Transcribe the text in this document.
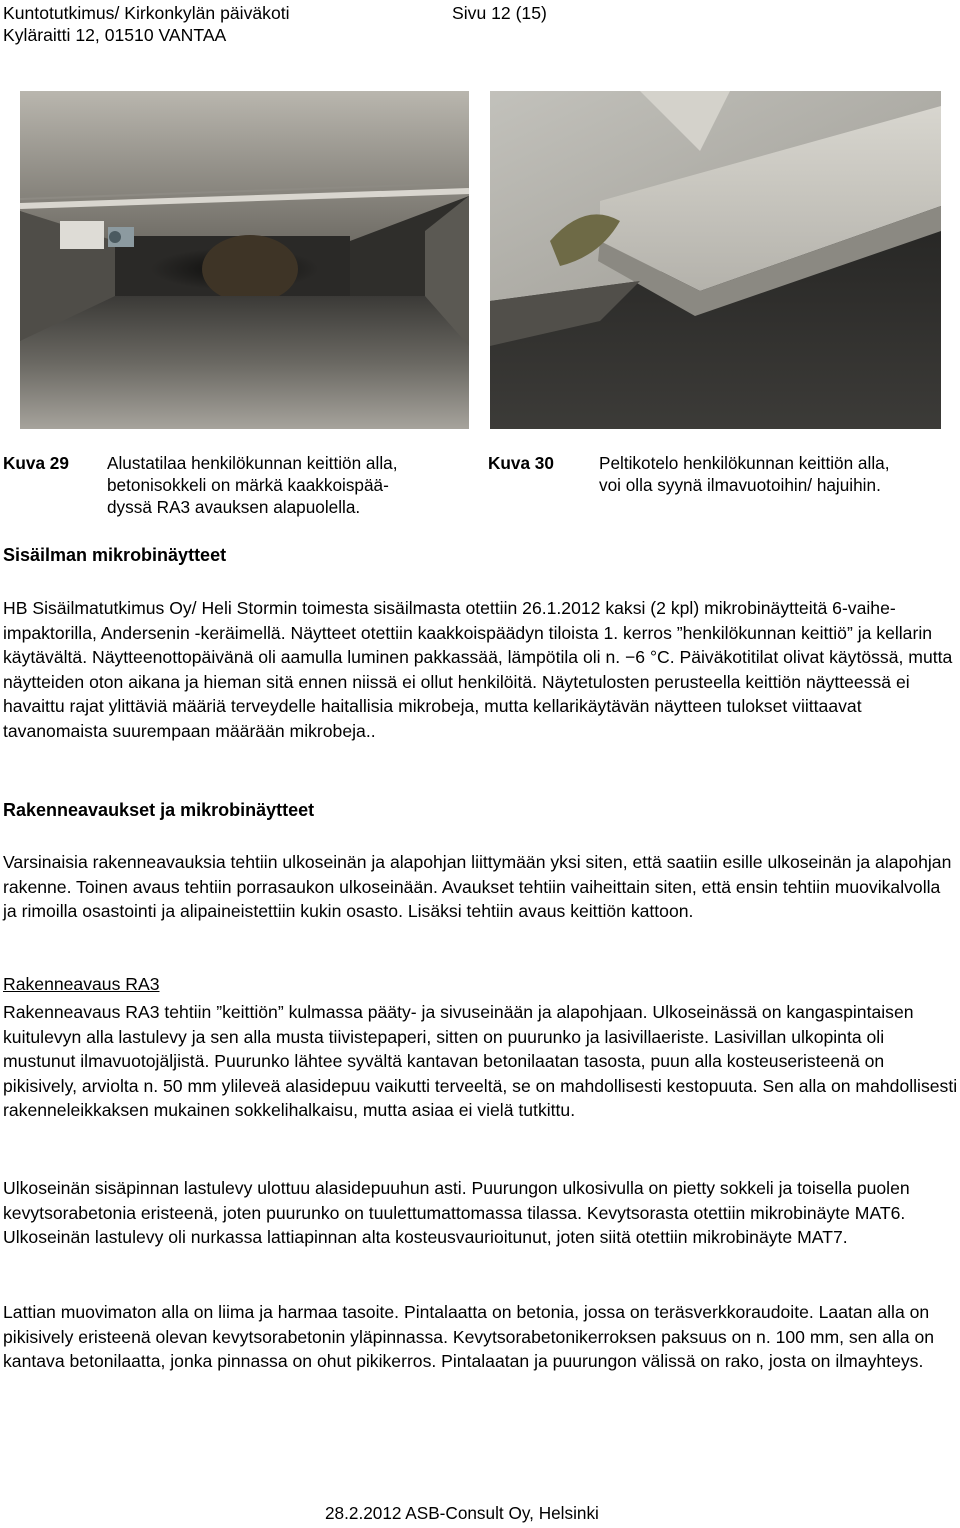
Kuntotutkimus/ Kirkonkylän päiväkoti	Sivu 12 (15)
Kyläraitti 12, 01510 VANTAA
Kuva 29 Alustatilaa henkilökunnan keittiön alla,
betonisokkeli on märkä kaakkoispää-
dyssä RA3 avauksen alapuolella.
Kuva 30	Peltikotelo henkilökunnan keittiön alla,
voi olla syynä ilmavuotoihin/ hajuihin.
Sisäilman mikrobinäytteet

HB Sisäilmatutkimus Oy/ Heli Stormin toimesta sisäilmasta otettiin 26.1.2012 kaksi (2 kpl) mikrobinäytteitä 6-vaihe-impaktorilla, Andersenin -keräimellä. Näytteet otettiin kaakkoispäädyn tiloista 1. kerros ”henkilökunnan keittiö” ja kellarin käytävältä. Näytteenottopäivänä oli aamulla luminen pakkassää, lämpötila oli n. −6 °C. Päiväkotitilat olivat käytössä, mutta näytteiden oton aikana ja hieman sitä ennen niissä ei ollut henkilöitä. Näytetulosten perusteella keittiön näytteessä ei havaittu rajat ylittäviä määriä terveydelle haitallisia mikrobeja, mutta kellarikäytävän näytteen tulokset viittaavat tavanomaista suurempaan määrään mikrobeja..

Rakenneavaukset ja mikrobinäytteet

Varsinaisia rakenneavauksia tehtiin ulkoseinän ja alapohjan liittymään yksi siten, että saatiin esille ulkoseinän ja alapohjan rakenne. Toinen avaus tehtiin porrasaukon ulkoseinään. Avaukset tehtiin vaiheittain siten, että ensin tehtiin muovikalvolla ja rimoilla osastointi ja alipaineistettiin kukin osasto. Lisäksi tehtiin avaus keittiön kattoon.

Rakenneavaus RA3

Rakenneavaus RA3 tehtiin ”keittiön” kulmassa pääty- ja sivuseinään ja alapohjaan. Ulkoseinässä on kangaspintaisen kuitulevyn alla lastulevy ja sen alla musta tiivistepaperi, sitten on puurunko ja lasivillaeriste. Lasivillan ulkopinta oli mustunut ilmavuotojäljistä. Puurunko lähtee syvältä kantavan betonilaatan tasosta, puun alla kosteuseristeenä on pikisively, arviolta n. 50 mm ylileveä alasidepuu vaikutti terveeltä, se on mahdollisesti kestopuuta. Sen alla on mahdollisesti rakenneleikkaksen mukainen sokkelihalkaisu, mutta asiaa ei vielä tutkittu.

Ulkoseinän sisäpinnan lastulevy ulottuu alasidepuuhun asti. Puurungon ulkosivulla on pietty sokkeli ja toisella puolen kevytsorabetonia eristeenä, joten puurunko on tuulettumattomassa tilassa. Kevytsorasta otettiin mikrobinäyte MAT6. Ulkoseinän lastulevy oli nurkassa lattiapinnan alta kosteusvaurioitunut, joten siitä otettiin mikrobinäyte MAT7.

Lattian muovimaton alla on liima ja harmaa tasoite. Pintalaatta on betonia, jossa on teräsverkkoraudoite. Laatan alla on pikisively eristeenä olevan kevytsorabetonin yläpinnassa. Kevytsorabetonikerroksen paksuus on n. 100 mm, sen alla on kantava betonilaatta, jonka pinnassa on ohut pikikerros. Pintalaatan ja puurungon välissä on rako, josta on ilmayhteys.

28.2.2012 ASB-Consult Oy, Helsinki
